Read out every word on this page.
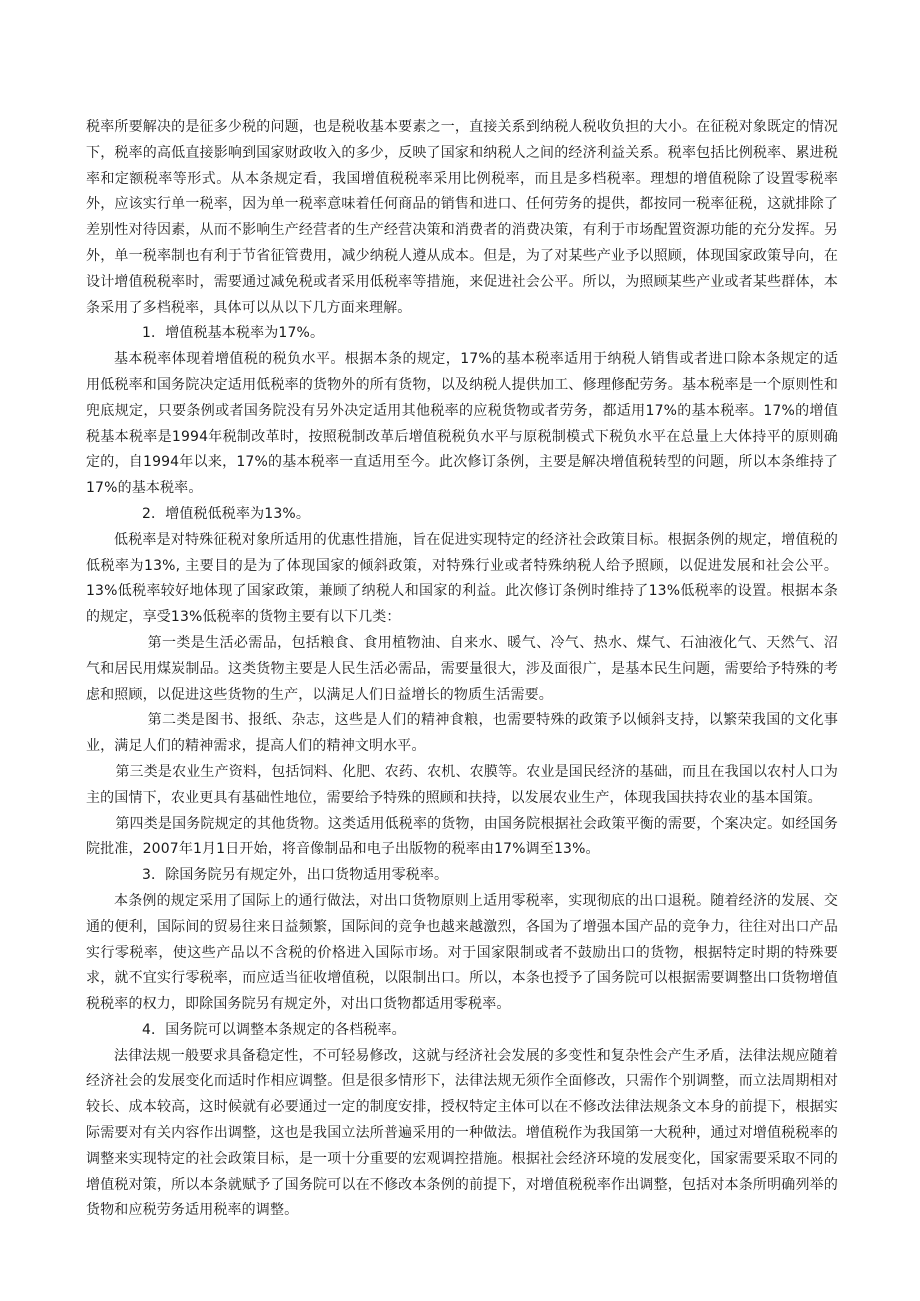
税率所要解决的是征多少税的问题，也是税收基本要素之一，直接关系到纳税人税收负担的大小。在征税对象既定的情况下，税率的高低直接影响到国家财政收入的多少，反映了国家和纳税人之间的经济利益关系。税率包括比例税率、累进税率和定额税率等形式。从本条规定看，我国增值税税率采用比例税率，而且是多档税率。理想的增值税除了设置零税率外，应该实行单一税率，因为单一税率意味着任何商品的销售和进口、任何劳务的提供，都按同一税率征税，这就排除了差别性对待因素，从而不影响生产经营者的生产经营决策和消费者的消费决策，有利于市场配置资源功能的充分发挥。另外，单一税率制也有利于节省征管费用，减少纳税人遵从成本。但是，为了对某些产业予以照顾，体现国家政策导向，在设计增值税税率时，需要通过减免税或者采用低税率等措施，来促进社会公平。所以，为照顾某些产业或者某些群体，本条采用了多档税率，具体可以从以下几方面来理解。

1．增值税基本税率为17%。

基本税率体现着增值税的税负水平。根据本条的规定，17%的基本税率适用于纳税人销售或者进口除本条规定的适用低税率和国务院决定适用低税率的货物外的所有货物，以及纳税人提供加工、修理修配劳务。基本税率是一个原则性和兜底规定，只要条例或者国务院没有另外决定适用其他税率的应税货物或者劳务，都适用17%的基本税率。17%的增值税基本税率是1994年税制改革时，按照税制改革后增值税税负水平与原税制模式下税负水平在总量上大体持平的原则确定的，自1994年以来，17%的基本税率一直适用至今。此次修订条例，主要是解决增值税转型的问题，所以本条维持了17%的基本税率。

2．增值税低税率为13%。

低税率是对特殊征税对象所适用的优惠性措施，旨在促进实现特定的经济社会政策目标。根据条例的规定，增值税的低税率为13%, 主要目的是为了体现国家的倾斜政策，对特殊行业或者特殊纳税人给予照顾，以促进发展和社会公平。13%低税率较好地体现了国家政策，兼顾了纳税人和国家的利益。此次修订条例时维持了13%低税率的设置。根据本条的规定，享受13%低税率的货物主要有以下几类：

第一类是生活必需品，包括粮食、食用植物油、自来水、暖气、冷气、热水、煤气、石油液化气、天然气、沼气和居民用煤炭制品。这类货物主要是人民生活必需品，需要量很大，涉及面很广，是基本民生问题，需要给予特殊的考虑和照顾，以促进这些货物的生产，以满足人们日益增长的物质生活需要。

第二类是图书、报纸、杂志，这些是人们的精神食粮，也需要特殊的政策予以倾斜支持，以繁荣我国的文化事业，满足人们的精神需求，提高人们的精神文明水平。

第三类是农业生产资料，包括饲料、化肥、农药、农机、农膜等。农业是国民经济的基础，而且在我国以农村人口为主的国情下，农业更具有基础性地位，需要给予特殊的照顾和扶持，以发展农业生产，体现我国扶持农业的基本国策。

第四类是国务院规定的其他货物。这类适用低税率的货物，由国务院根据社会政策平衡的需要，个案决定。如经国务院批准，2007年1月1日开始，将音像制品和电子出版物的税率由17%调至13%。

3．除国务院另有规定外，出口货物适用零税率。

本条例的规定采用了国际上的通行做法，对出口货物原则上适用零税率，实现彻底的出口退税。随着经济的发展、交通的便利，国际间的贸易往来日益频繁，国际间的竞争也越来越激烈，各国为了增强本国产品的竞争力，往往对出口产品实行零税率，使这些产品以不含税的价格进入国际市场。对于国家限制或者不鼓励出口的货物，根据特定时期的特殊要求，就不宜实行零税率，而应适当征收增值税，以限制出口。所以，本条也授予了国务院可以根据需要调整出口货物增值税税率的权力，即除国务院另有规定外，对出口货物都适用零税率。

4．国务院可以调整本条规定的各档税率。

法律法规一般要求具备稳定性，不可轻易修改，这就与经济社会发展的多变性和复杂性会产生矛盾，法律法规应随着经济社会的发展变化而适时作相应调整。但是很多情形下，法律法规无须作全面修改，只需作个别调整，而立法周期相对较长、成本较高，这时候就有必要通过一定的制度安排，授权特定主体可以在不修改法律法规条文本身的前提下，根据实际需要对有关内容作出调整，这也是我国立法所普遍采用的一种做法。增值税作为我国第一大税种，通过对增值税税率的调整来实现特定的社会政策目标，是一项十分重要的宏观调控措施。根据社会经济环境的发展变化，国家需要采取不同的增值税对策，所以本条就赋予了国务院可以在不修改本条例的前提下，对增值税税率作出调整，包括对本条所明确列举的货物和应税劳务适用税率的调整。
